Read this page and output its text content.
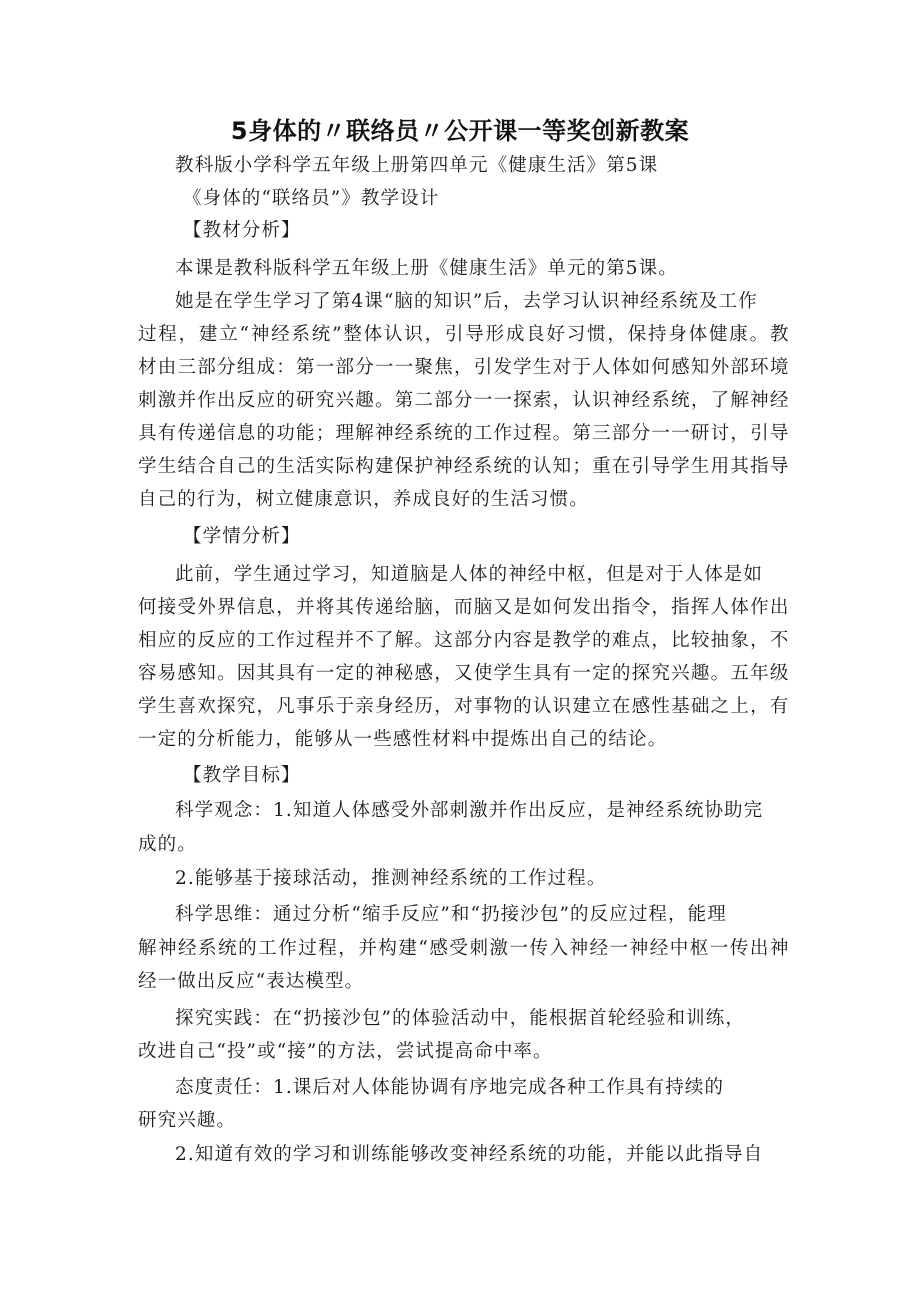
5身体的〃联络员〃公开课一等奖创新教案
教科版小学科学五年级上册第四单元《健康生活》第5课
《身体的“联络员”》教学设计
【教材分析】
本课是教科版科学五年级上册《健康生活》单元的第5课。
她是在学生学习了第4课“脑的知识”后，去学习认识神经系统及工作
过程，建立“神经系统”整体认识，引导形成良好习惯，保持身体健康。教
材由三部分组成：第一部分一一聚焦，引发学生对于人体如何感知外部环境
刺激并作出反应的研究兴趣。第二部分一一探索，认识神经系统，了解神经
具有传递信息的功能；理解神经系统的工作过程。第三部分一一研讨，引导
学生结合自己的生活实际构建保护神经系统的认知；重在引导学生用其指导
自己的行为，树立健康意识，养成良好的生活习惯。
【学情分析】
此前，学生通过学习，知道脑是人体的神经中枢，但是对于人体是如
何接受外界信息，并将其传递给脑，而脑又是如何发出指令，指挥人体作出
相应的反应的工作过程并不了解。这部分内容是教学的难点，比较抽象，不
容易感知。因其具有一定的神秘感，又使学生具有一定的探究兴趣。五年级
学生喜欢探究，凡事乐于亲身经历，对事物的认识建立在感性基础之上，有
一定的分析能力，能够从一些感性材料中提炼出自己的结论。
【教学目标】
科学观念：1.知道人体感受外部刺激并作出反应，是神经系统协助完
成的。
2.能够基于接球活动，推测神经系统的工作过程。
科学思维：通过分析“缩手反应”和“扔接沙包”的反应过程，能理
解神经系统的工作过程，并构建“感受刺激一传入神经一神经中枢一传出神
经一做出反应“表达模型。
探究实践：在“扔接沙包”的体验活动中，能根据首轮经验和训练，
改进自己“投”或“接”的方法，尝试提高命中率。
态度责任：1.课后对人体能协调有序地完成各种工作具有持续的
研究兴趣。
2.知道有效的学习和训练能够改变神经系统的功能，并能以此指导自
